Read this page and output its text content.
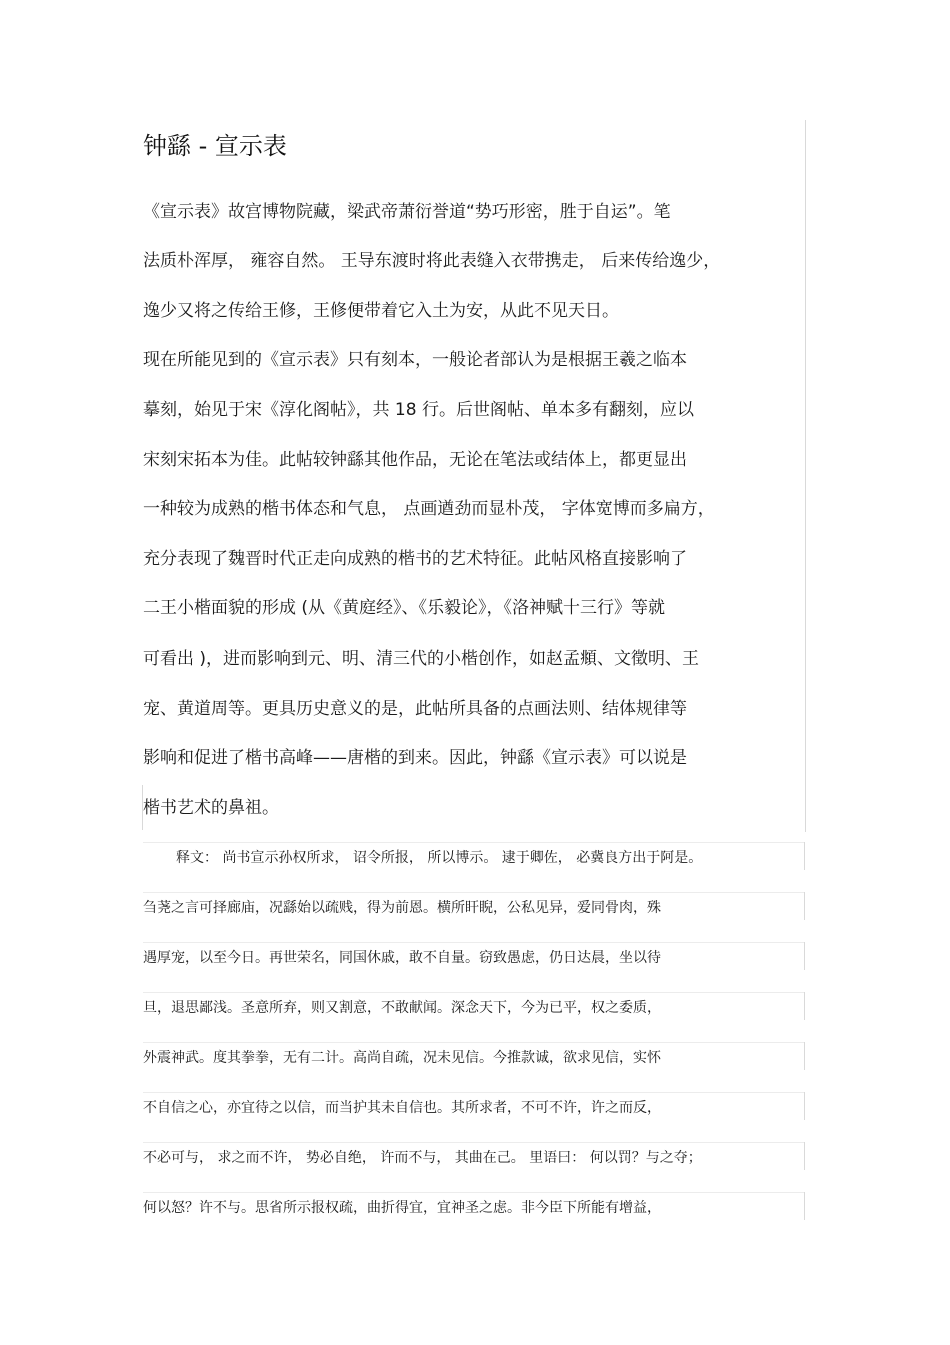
钟繇 - 宣示表
《宣示表》故宫博物院藏，梁武帝萧衍誉道“势巧形密，胜于自运”。笔
法质朴浑厚， 雍容自然。 王导东渡时将此表缝入衣带携走， 后来传给逸少，
逸少又将之传给王修，王修便带着它入土为安，从此不见天日。
现在所能见到的《宣示表》只有刻本，一般论者部认为是根据王羲之临本
摹刻，始见于宋《淳化阁帖》，共 18 行。后世阁帖、单本多有翻刻，应以
宋刻宋拓本为佳。此帖较钟繇其他作品，无论在笔法或结体上，都更显出
一种较为成熟的楷书体态和气息， 点画遒劲而显朴茂， 字体宽博而多扁方，
充分表现了魏晋时代正走向成熟的楷书的艺术特征。此帖风格直接影响了
二王小楷面貌的形成 (从《黄庭经》、《乐毅论》，《洛神赋十三行》等就
可看出 )，进而影响到元、明、清三代的小楷创作，如赵孟頫、文徵明、王
宠、黄道周等。更具历史意义的是，此帖所具备的点画法则、结体规律等
影响和促进了楷书高峰——唐楷的到来。因此，钟繇《宣示表》可以说是
楷书艺术的鼻祖。
释文： 尚书宣示孙权所求， 诏令所报， 所以博示。 逮于卿佐， 必冀良方出于阿是。
刍荛之言可择廊庙，况繇始以疏贱，得为前恩。横所盰睨，公私见异，爱同骨肉，殊
遇厚宠，以至今日。再世荣名，同国休戚，敢不自量。窃致愚虑，仍日达晨，坐以待
旦，退思鄙浅。圣意所弃，则又割意，不敢献闻。深念天下，今为已平，权之委质，
外震神武。度其拳拳，无有二计。高尚自疏，况未见信。今推款诚，欲求见信，实怀
不自信之心，亦宜待之以信，而当护其未自信也。其所求者，不可不许，许之而反，
不必可与， 求之而不许， 势必自绝， 许而不与， 其曲在己。 里语曰： 何以罚？与之夺；
何以怒？许不与。思省所示报权疏，曲折得宜，宜神圣之虑。非今臣下所能有增益，
